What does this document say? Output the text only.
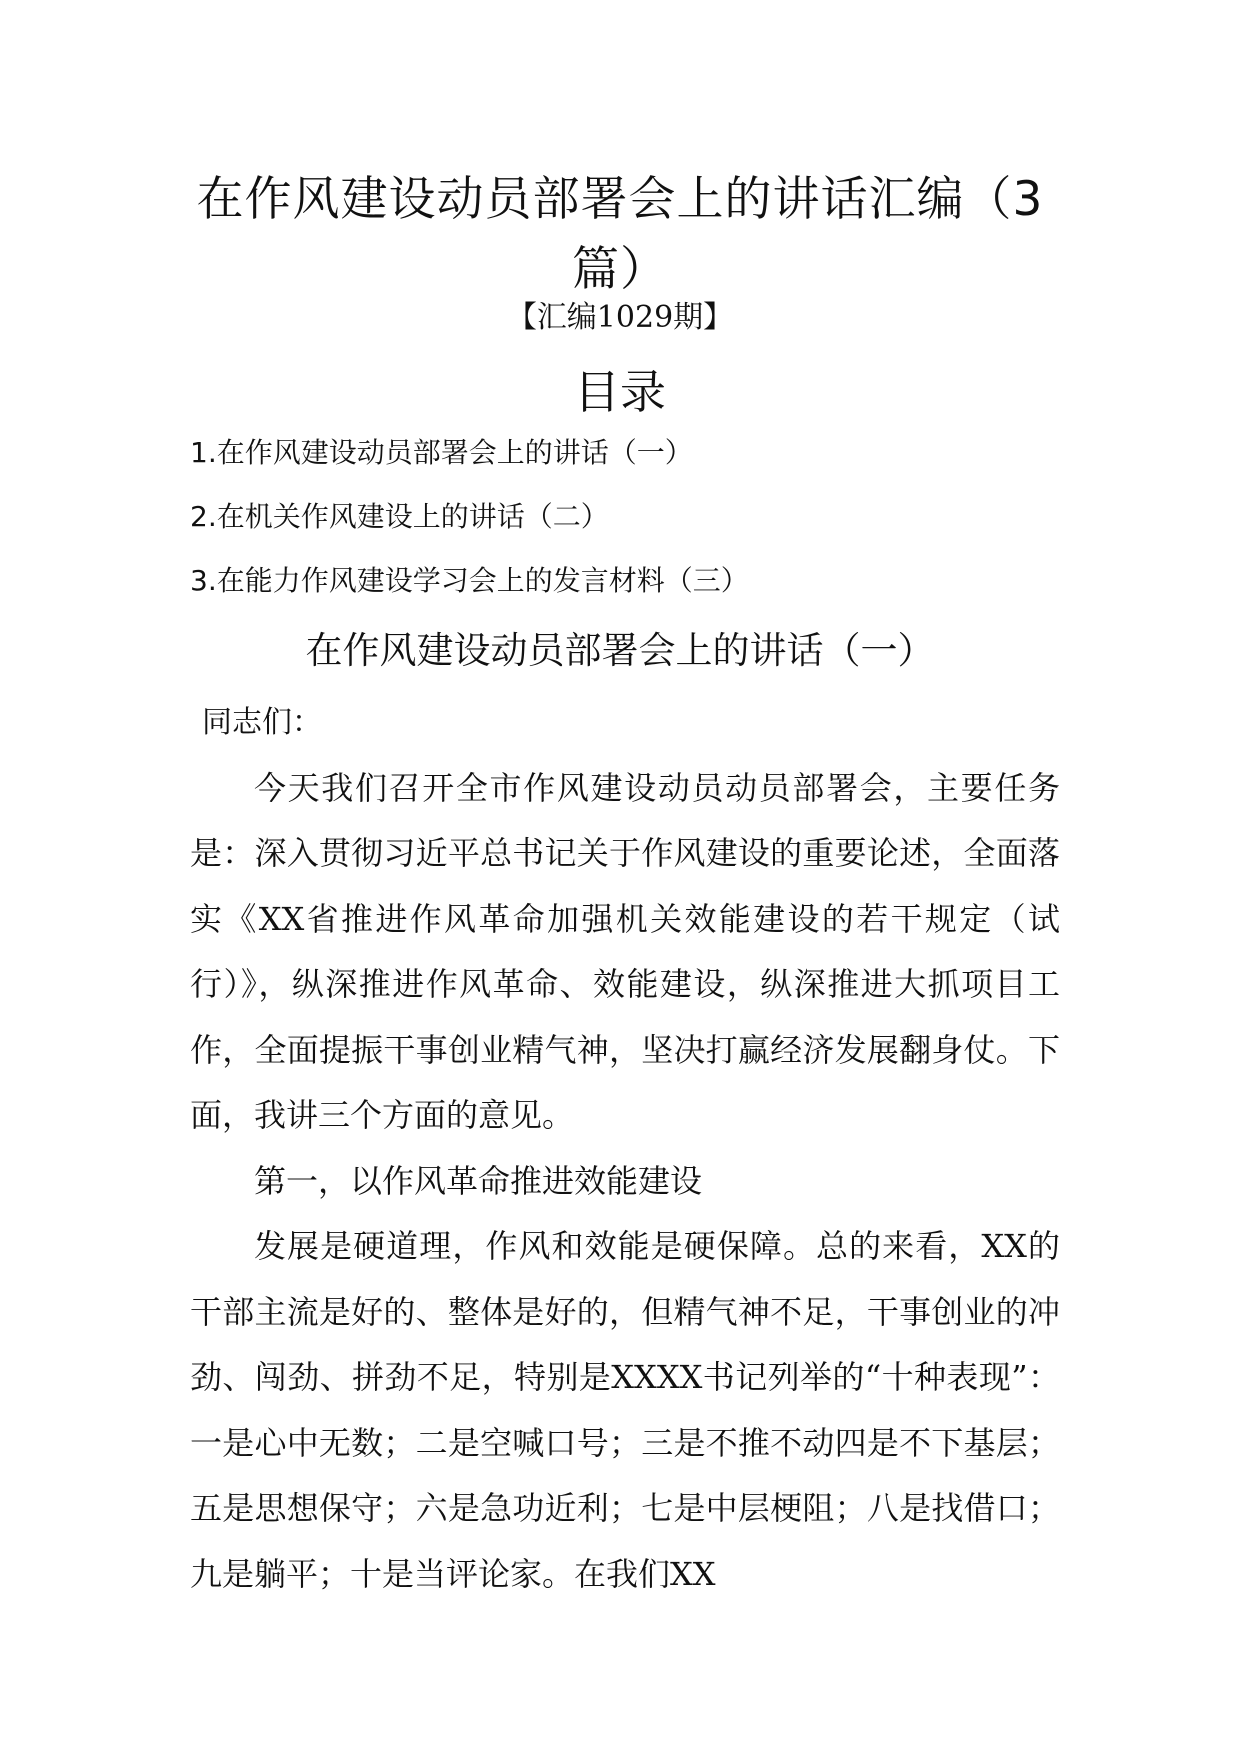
在作风建设动员部署会上的讲话汇编（3篇）
【汇编1029期】
目录
1.在作风建设动员部署会上的讲话（一）
2.在机关作风建设上的讲话（二）
3.在能力作风建设学习会上的发言材料（三）
在作风建设动员部署会上的讲话（一）

同志们：

今天我们召开全市作风建设动员动员部署会，主要任务是：深入贯彻习近平总书记关于作风建设的重要论述，全面落实《XX省推进作风革命加强机关效能建设的若干规定（试行）》，纵深推进作风革命、效能建设，纵深推进大抓项目工作，全面提振干事创业精气神，坚决打赢经济发展翻身仗。下面，我讲三个方面的意见。

第一，以作风革命推进效能建设

发展是硬道理，作风和效能是硬保障。总的来看，XX的干部主流是好的、整体是好的，但精气神不足，干事创业的冲劲、闯劲、拼劲不足，特别是XXXX书记列举的“十种表现”：一是心中无数；二是空喊口号；三是不推不动四是不下基层；五是思想保守；六是急功近利；七是中层梗阻；八是找借口；九是躺平；十是当评论家。在我们XX
